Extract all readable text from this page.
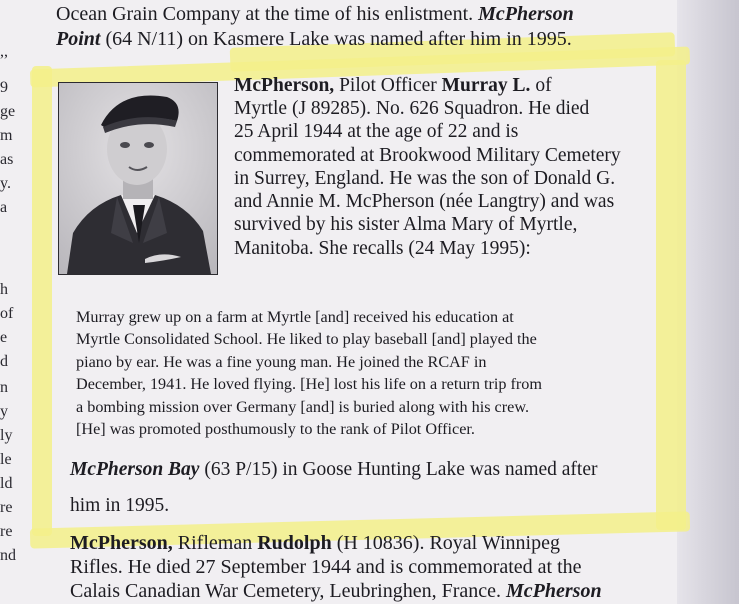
,,
9
ge
m
as
y.
a
h
of
e
d
n
y
ly
le
ld
re
re
nd
Ocean Grain Company at the time of his enlistment. McPherson
Point (64 N/11) on Kasmere Lake was named after him in 1995.
McPherson, Pilot Officer Murray L. of
Myrtle (J 89285). No. 626 Squadron. He died
25 April 1944 at the age of 22 and is
commemorated at Brookwood Military Cemetery
in Surrey, England. He was the son of Donald G.
and Annie M. McPherson (née Langtry) and was
survived by his sister Alma Mary of Myrtle,
Manitoba. She recalls (24 May 1995):
Murray grew up on a farm at Myrtle [and] received his education at
Myrtle Consolidated School. He liked to play baseball [and] played the
piano by ear. He was a fine young man. He joined the RCAF in
December, 1941. He loved flying. [He] lost his life on a return trip from
a bombing mission over Germany [and] is buried along with his crew.
[He] was promoted posthumously to the rank of Pilot Officer.
McPherson Bay (63 P/15) in Goose Hunting Lake was named after
him in 1995.
McPherson, Rifleman Rudolph (H 10836). Royal Winnipeg
Rifles. He died 27 September 1944 and is commemorated at the
Calais Canadian War Cemetery, Leubringhen, France. McPherson
